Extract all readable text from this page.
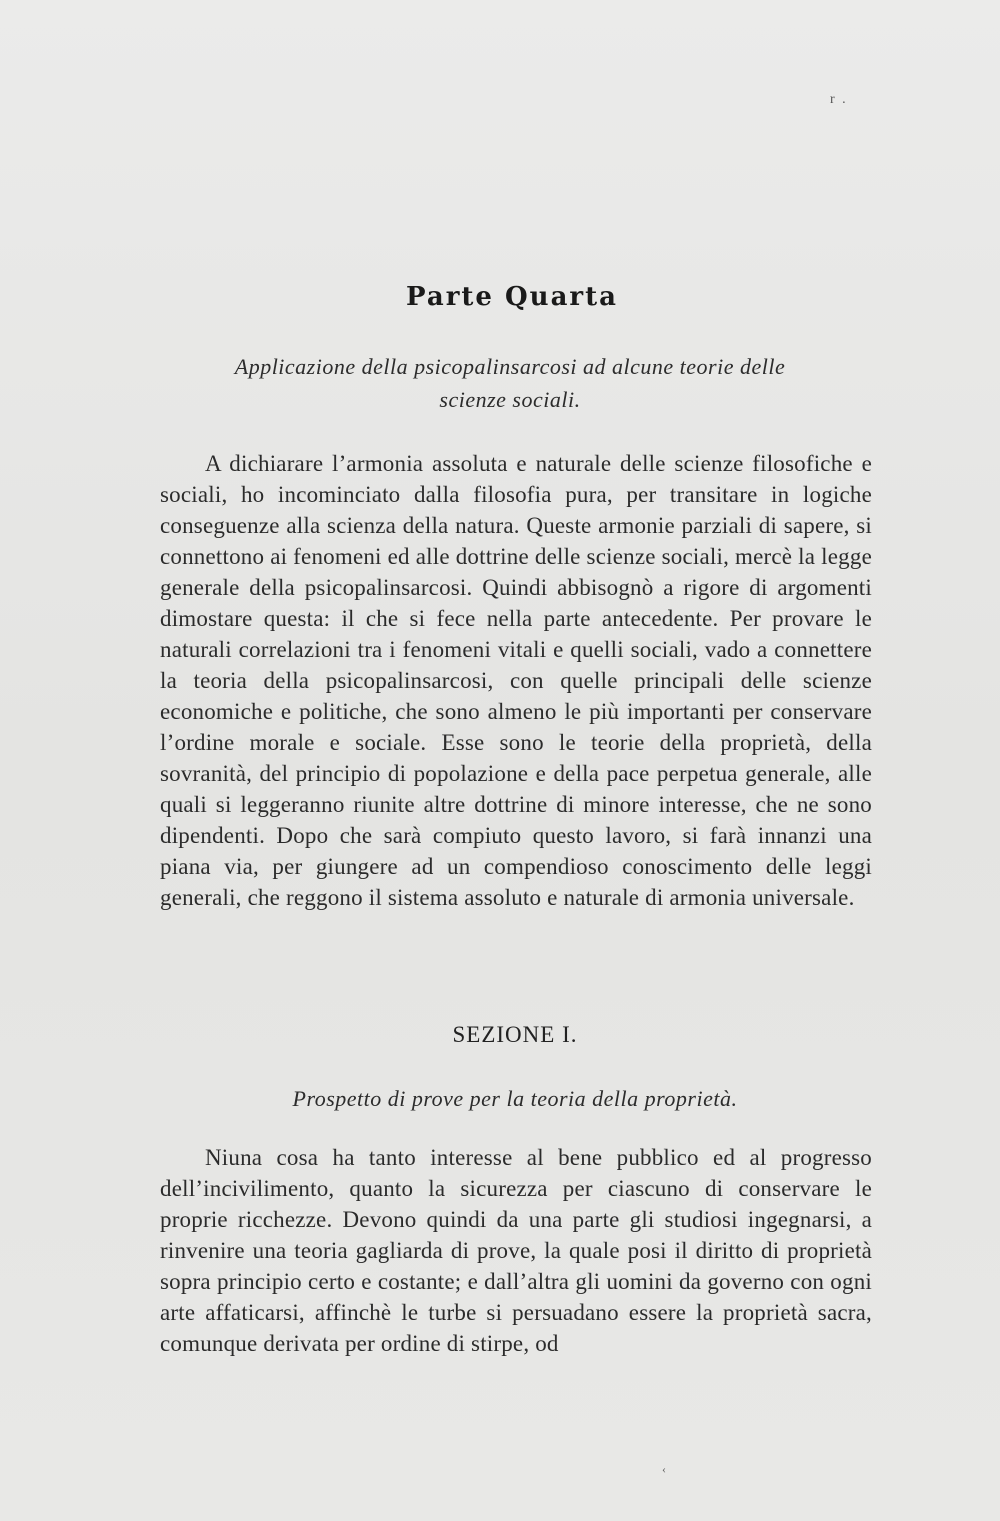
r .
Parte Quarta
Applicazione della psicopalinsarcosi ad alcune teorie delle scienze sociali.

A dichiarare l’armonia assoluta e naturale delle scienze filosofiche e sociali, ho incominciato dalla filosofia pura, per transitare in logiche conseguenze alla scienza della natura. Queste armonie parziali di sapere, si connettono ai fenomeni ed alle dottrine delle scienze sociali, mercè la legge generale della psicopalinsarcosi. Quindi abbisognò a rigore di argomenti dimostare questa: il che si fece nella parte antecedente. Per provare le naturali correlazioni tra i fenomeni vitali e quelli sociali, vado a connettere la teoria della psicopalinsarcosi, con quelle principali delle scienze economiche e politiche, che sono almeno le più importanti per conservare l’ordine morale e sociale. Esse sono le teorie della proprietà, della sovranità, del principio di popolazione e della pace perpetua generale, alle quali si leggeranno riunite altre dottrine di minore interesse, che ne sono dipendenti. Dopo che sarà compiuto questo lavoro, si farà innanzi una piana via, per giungere ad un compendioso conoscimento delle leggi generali, che reggono il sistema assoluto e naturale di armonia universale.

SEZIONE I.
Prospetto di prove per la teoria della proprietà.

Niuna cosa ha tanto interesse al bene pubblico ed al progresso dell’incivilimento, quanto la sicurezza per ciascuno di conservare le proprie ricchezze. Devono quindi da una parte gli studiosi ingegnarsi, a rinvenire una teoria gagliarda di prove, la quale posi il diritto di proprietà sopra principio certo e costante; e dall’altra gli uomini da governo con ogni arte affaticarsi, affinchè le turbe si persuadano essere la proprietà sacra, comunque derivata per ordine di stirpe, od

‹
